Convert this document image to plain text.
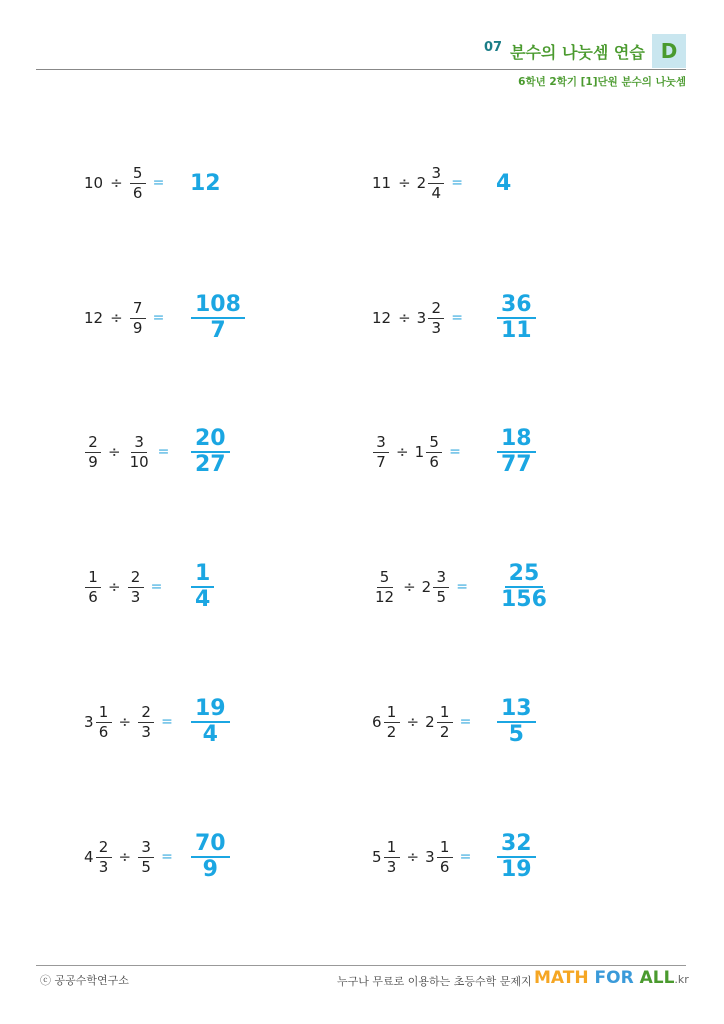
07 분수의 나눗셈 연습 D
6학년 2학기 [1]단원 분수의 나눗셈
$10 \div \frac{5}{6} = 12$	$11 \div 2 \frac{3}{4} = 4$
$12 \div \frac{7}{9} = \frac{108}{7}$	$12 \div 3 \frac{2}{3} = \frac{36}{11}$
$\frac{2}{9} \div \frac{3}{10} = \frac{20}{27}$	$\frac{3}{7} \div 1 \frac{5}{6} = \frac{18}{77}$
$\frac{1}{6} \div \frac{2}{3} = \frac{1}{4}$	$\frac{5}{12} \div 2 \frac{3}{5} = \frac{25}{156}$
$3 \frac{1}{6} \div \frac{2}{3} = \frac{19}{4}$	$6 \frac{1}{2} \div 2 \frac{1}{2} = \frac{13}{5}$
$4 \frac{2}{3} \div \frac{3}{5} = \frac{70}{9}$	$5 \frac{1}{3} \div 3 \frac{1}{6} = \frac{32}{19}$
ⓒ 공공수학연구소	누구나 무료로 이용하는 초등수학 문제지 MATH FOR ALL.kr
